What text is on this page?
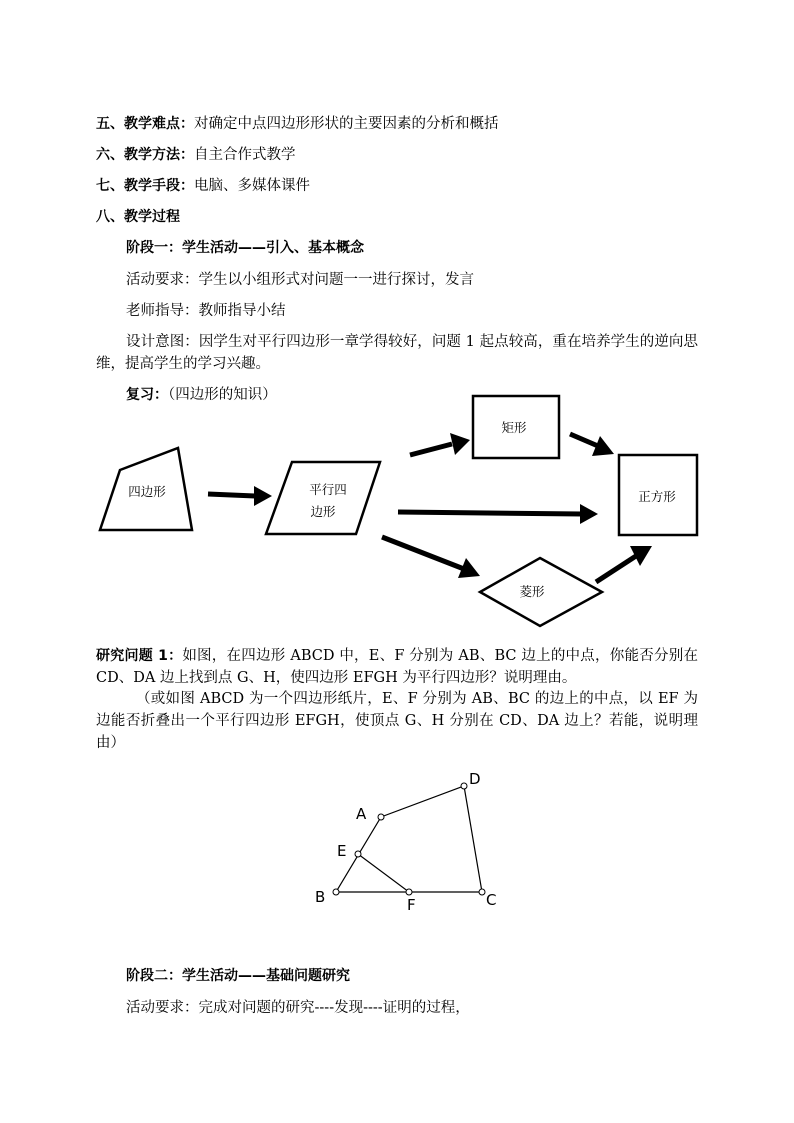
五、教学难点：对确定中点四边形形状的主要因素的分析和概括
六、教学方法：自主合作式教学
七、教学手段：电脑、多媒体课件
八、教学过程
阶段一：学生活动——引入、基本概念
活动要求：学生以小组形式对问题一一进行探讨，发言
老师指导：教师指导小结
设计意图：因学生对平行四边形一章学得较好，问题 1 起点较高，重在培养学生的逆向思维，提高学生的学习兴趣。
复习：（四边形的知识）
四边形	平行四
边形
矩形
正方形
菱形
研究问题 1：如图，在四边形 ABCD 中，E、F 分别为 AB、BC 边上的中点，你能否分别在 CD、DA 边上找到点 G、H，使四边形 EFGH 为平行四边形？说明理由。
（或如图 ABCD 为一个四边形纸片，E、F 分别为 AB、BC 的边上的中点，以 EF 为边能否折叠出一个平行四边形 EFGH，使顶点 G、H 分别在 CD、DA 边上？若能，说明理由）
A
D
C
B
E
F
阶段二：学生活动——基础问题研究
活动要求：完成对问题的研究----发现----证明的过程，
